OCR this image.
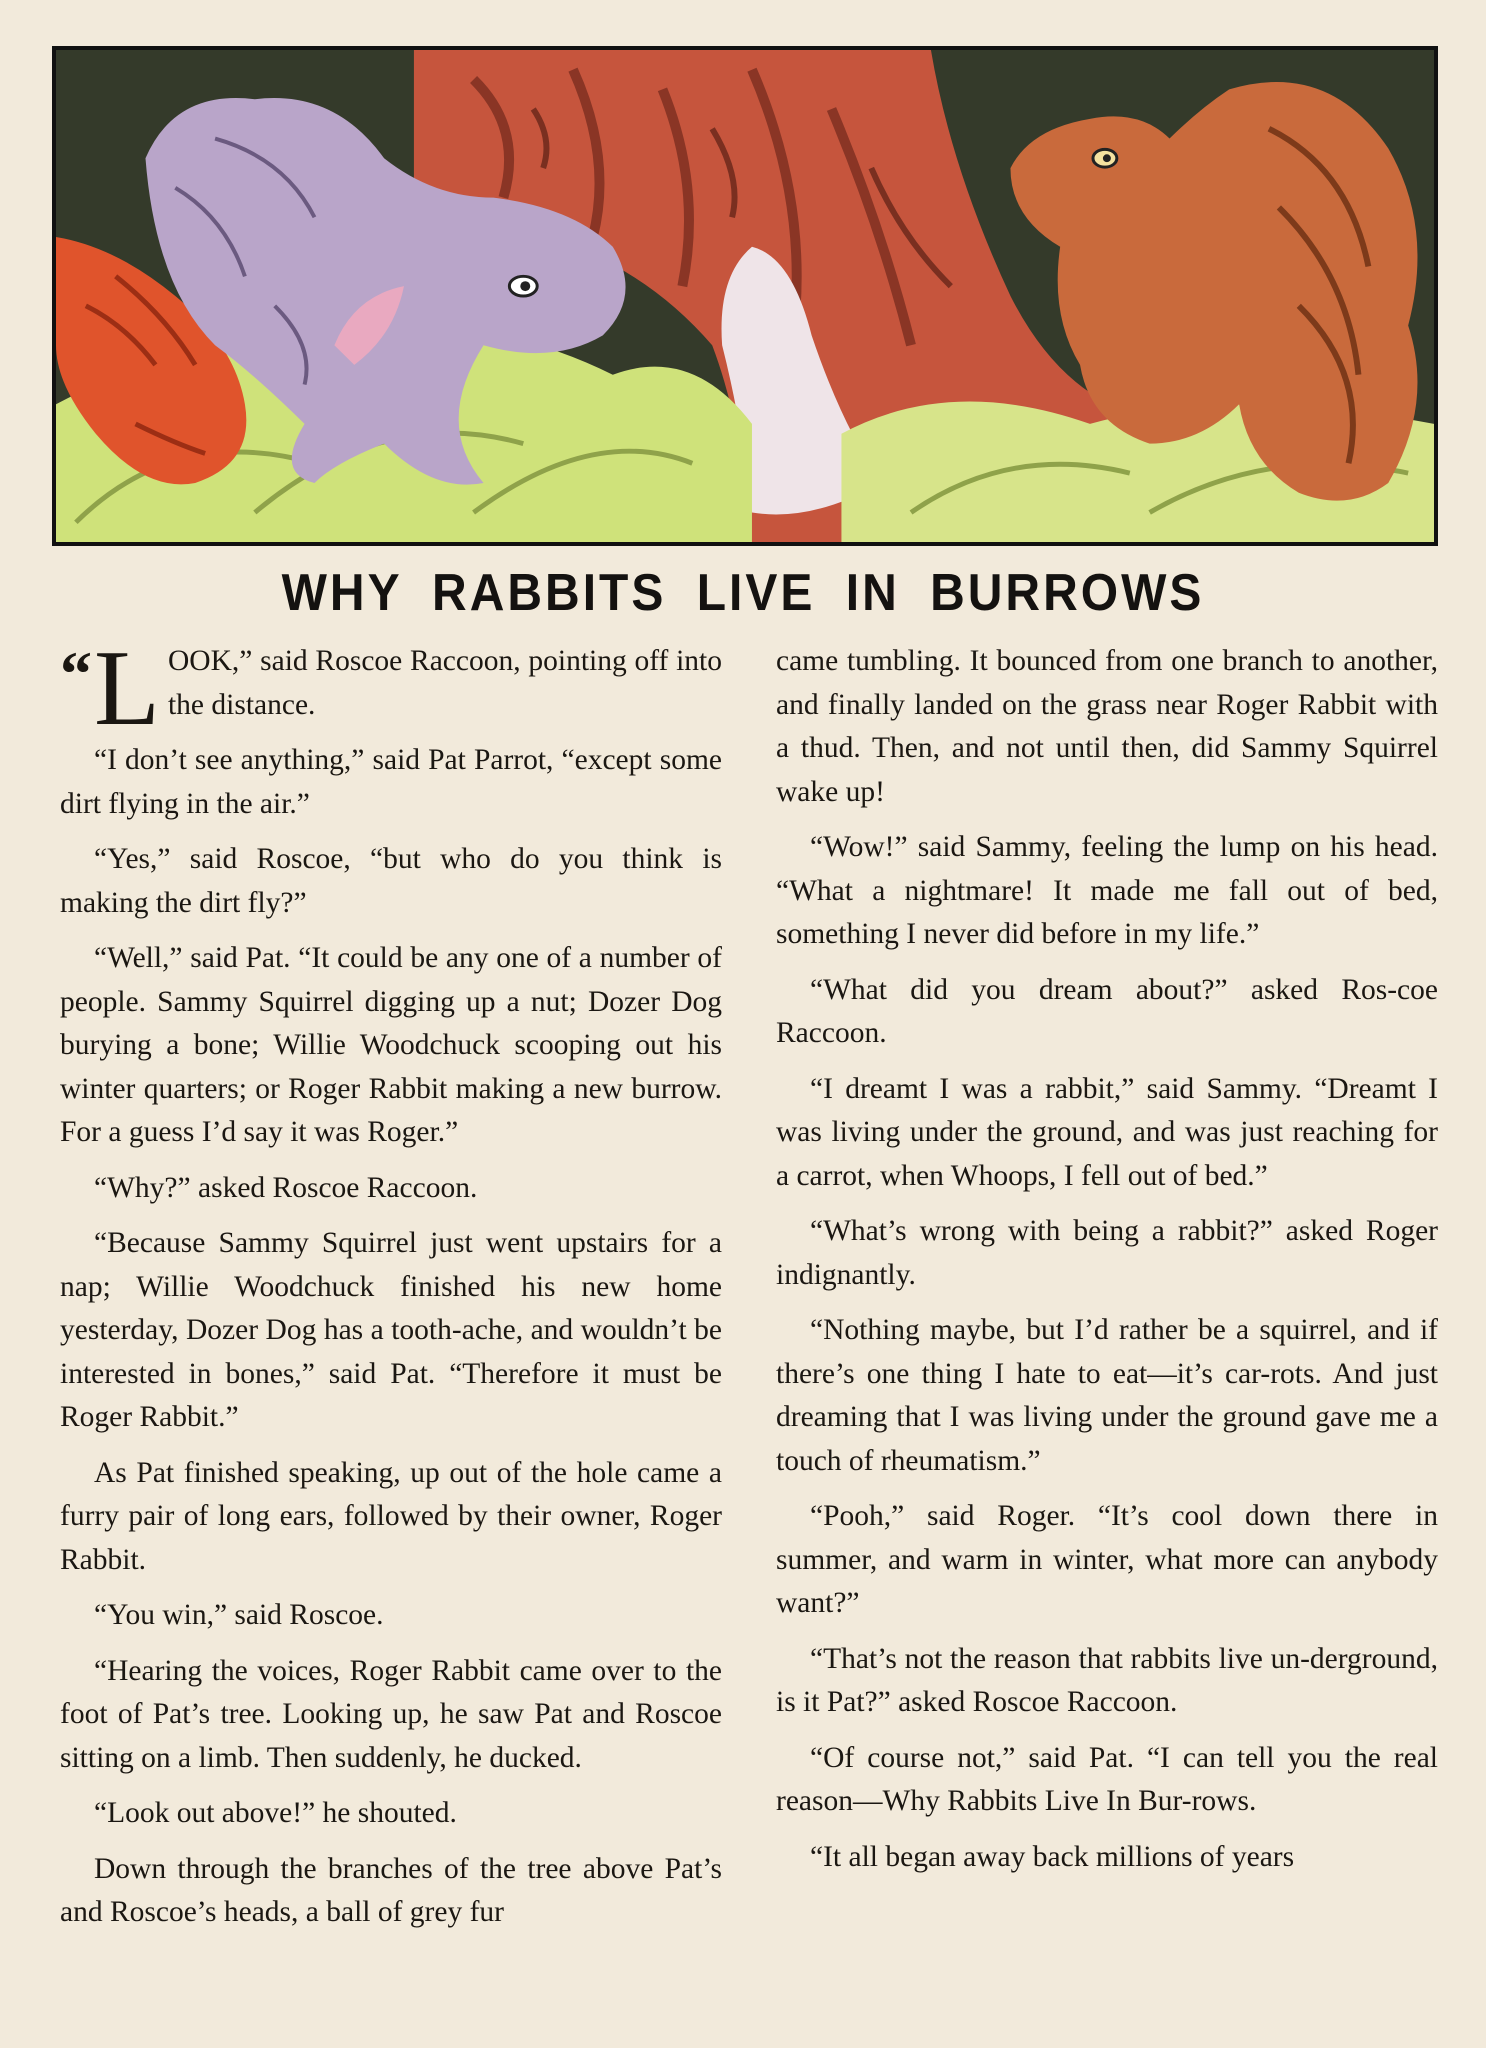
WHY RABBITS LIVE IN BURROWS

“ L OOK,” said Roscoe Raccoon, pointing off into the distance.

“I don’t see anything,” said Pat Parrot, “except some dirt flying in the air.”

“Yes,” said Roscoe, “but who do you think is making the dirt fly?”

“Well,” said Pat. “It could be any one of a number of people. Sammy Squirrel digging up a nut; Dozer Dog burying a bone; Willie Woodchuck scooping out his winter quarters; or Roger Rabbit making a new burrow. For a guess I’d say it was Roger.”

“Why?” asked Roscoe Raccoon.

“Because Sammy Squirrel just went upstairs for a nap; Willie Woodchuck finished his new home yesterday, Dozer Dog has a tooth-ache, and wouldn’t be interested in bones,” said Pat. “Therefore it must be Roger Rabbit.”

As Pat finished speaking, up out of the hole came a furry pair of long ears, followed by their owner, Roger Rabbit.

“You win,” said Roscoe.

“Hearing the voices, Roger Rabbit came over to the foot of Pat’s tree. Looking up, he saw Pat and Roscoe sitting on a limb. Then suddenly, he ducked.

“Look out above!” he shouted.

Down through the branches of the tree above Pat’s and Roscoe’s heads, a ball of grey fur

came tumbling. It bounced from one branch to another, and finally landed on the grass near Roger Rabbit with a thud. Then, and not until then, did Sammy Squirrel wake up!

“Wow!” said Sammy, feeling the lump on his head. “What a nightmare! It made me fall out of bed, something I never did before in my life.”

“What did you dream about?” asked Ros-coe Raccoon.

“I dreamt I was a rabbit,” said Sammy. “Dreamt I was living under the ground, and was just reaching for a carrot, when Whoops, I fell out of bed.”

“What’s wrong with being a rabbit?” asked Roger indignantly.

“Nothing maybe, but I’d rather be a squirrel, and if there’s one thing I hate to eat—it’s car-rots. And just dreaming that I was living under the ground gave me a touch of rheumatism.”

“Pooh,” said Roger. “It’s cool down there in summer, and warm in winter, what more can anybody want?”

“That’s not the reason that rabbits live un-derground, is it Pat?” asked Roscoe Raccoon.

“Of course not,” said Pat. “I can tell you the real reason—Why Rabbits Live In Bur-rows.

“It all began away back millions of years
